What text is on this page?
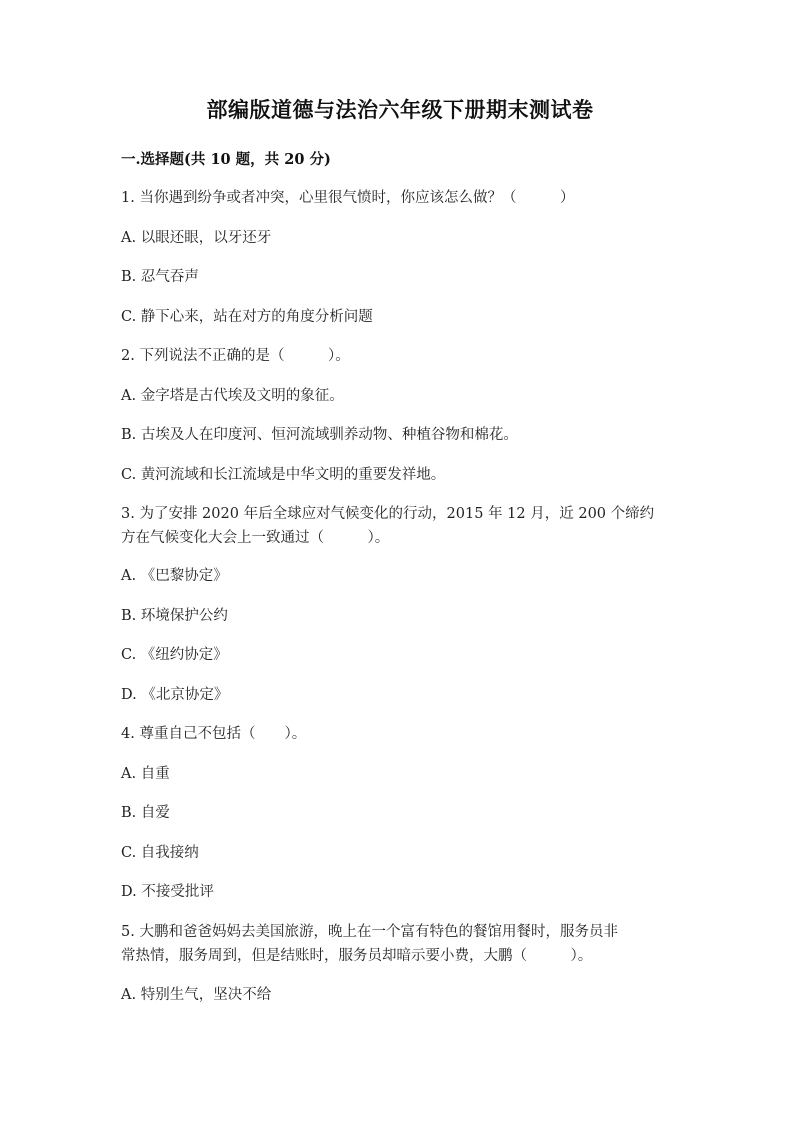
部编版道德与法治六年级下册期末测试卷
一.选择题(共 10 题，共 20 分)
1. 当你遇到纷争或者冲突，心里很气愤时，你应该怎么做？（　　　）
A. 以眼还眼，以牙还牙
B. 忍气吞声
C. 静下心来，站在对方的角度分析问题
2. 下列说法不正确的是（　　　）。
A. 金字塔是古代埃及文明的象征。
B. 古埃及人在印度河、恒河流域驯养动物、种植谷物和棉花。
C. 黄河流域和长江流域是中华文明的重要发祥地。
3. 为了安排 2020 年后全球应对气候变化的行动，2015 年 12 月，近 200 个缔约
方在气候变化大会上一致通过（　　　）。
A. 《巴黎协定》
B. 环境保护公约
C. 《纽约协定》
D. 《北京协定》
4. 尊重自己不包括（　　）。
A. 自重
B. 自爱
C. 自我接纳
D. 不接受批评
5. 大鹏和爸爸妈妈去美国旅游，晚上在一个富有特色的餐馆用餐时，服务员非
常热情，服务周到，但是结账时，服务员却暗示要小费，大鹏（　　　）。
A. 特别生气，坚决不给
